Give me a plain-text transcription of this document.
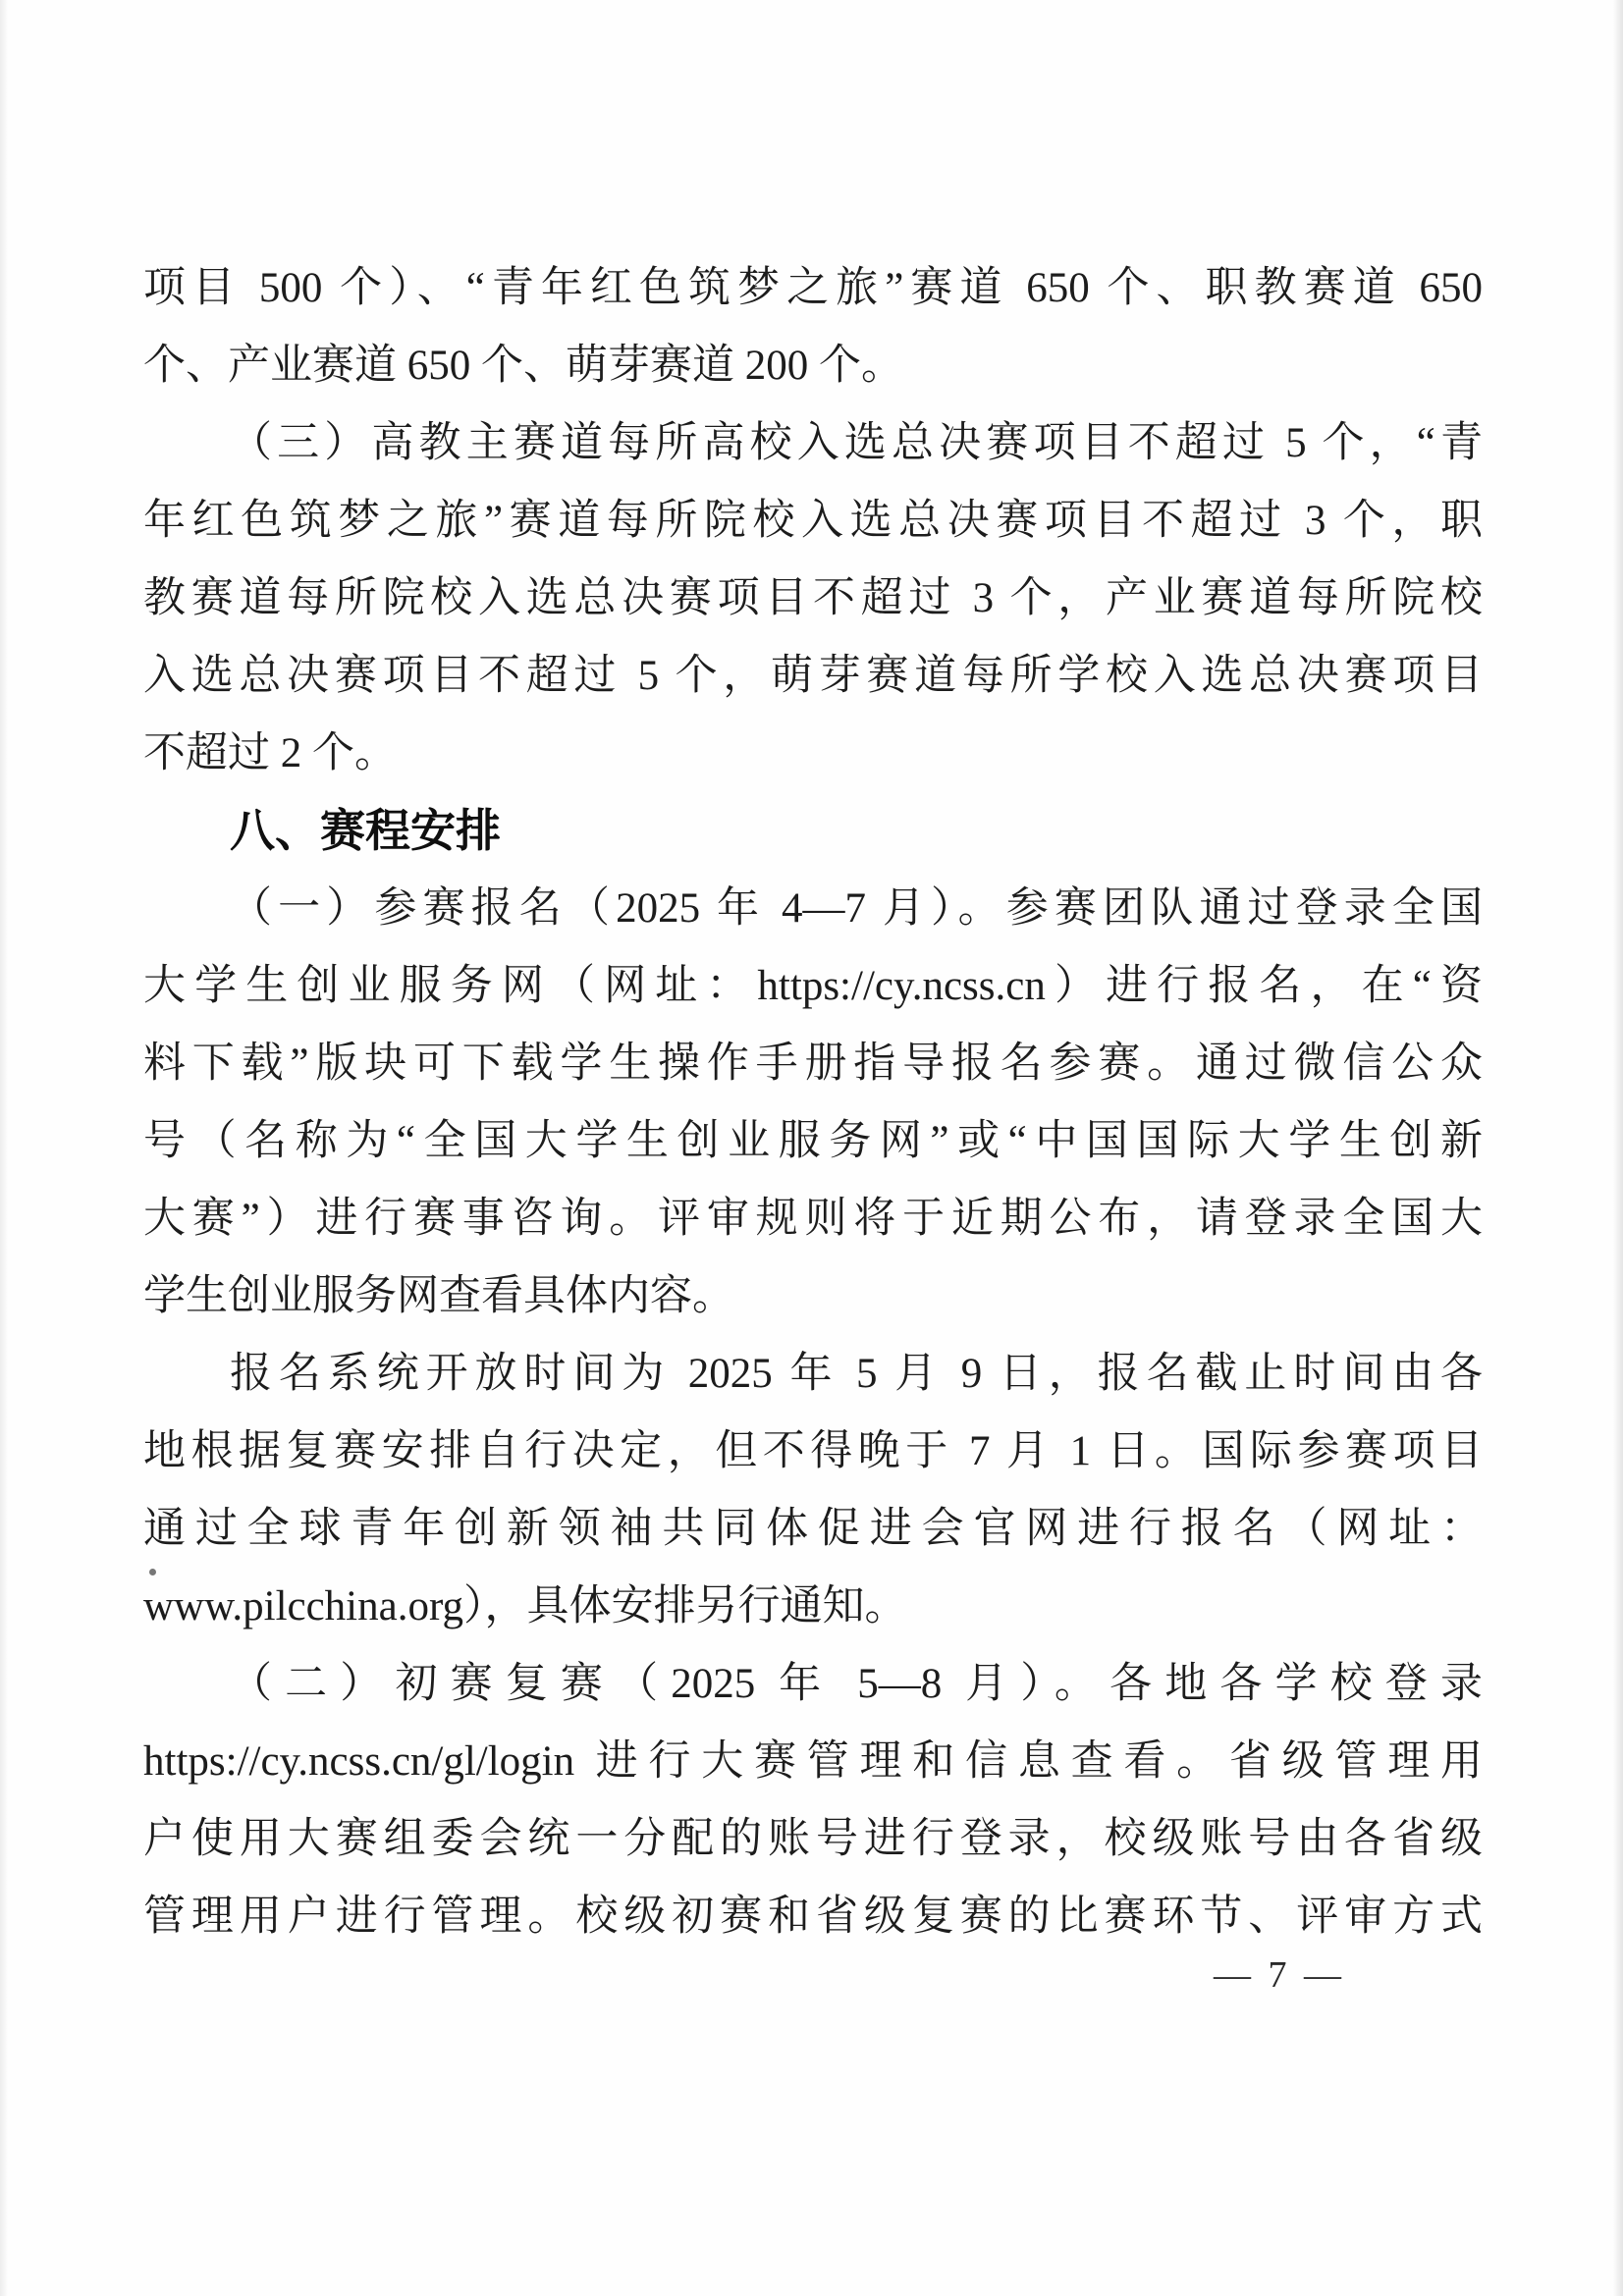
项目 500 个）、“青年红色筑梦之旅”赛道 650 个、职教赛道 650
个、产业赛道 650 个、萌芽赛道 200 个。
（三）高教主赛道每所高校入选总决赛项目不超过 5 个，“青
年红色筑梦之旅”赛道每所院校入选总决赛项目不超过 3 个，职
教赛道每所院校入选总决赛项目不超过 3 个，产业赛道每所院校
入选总决赛项目不超过 5 个，萌芽赛道每所学校入选总决赛项目
不超过 2 个。
八、赛程安排
（一）参赛报名（2025 年 4—7 月）。参赛团队通过登录全国
大学生创业服务网（网址：https://cy.ncss.cn）进行报名，在“资
料下载”版块可下载学生操作手册指导报名参赛。通过微信公众
号（名称为“全国大学生创业服务网”或“中国国际大学生创新
大赛”）进行赛事咨询。评审规则将于近期公布，请登录全国大
学生创业服务网查看具体内容。
报名系统开放时间为 2025 年 5 月 9 日，报名截止时间由各
地根据复赛安排自行决定，但不得晚于 7 月 1 日。国际参赛项目
通过全球青年创新领袖共同体促进会官网进行报名（网址：
www.pilcchina.org），具体安排另行通知。
（二）初赛复赛（2025 年 5—8 月）。各地各学校登录
https://cy.ncss.cn/gl/login 进行大赛管理和信息查看。省级管理用
户使用大赛组委会统一分配的账号进行登录，校级账号由各省级
管理用户进行管理。校级初赛和省级复赛的比赛环节、评审方式
— 7 —
